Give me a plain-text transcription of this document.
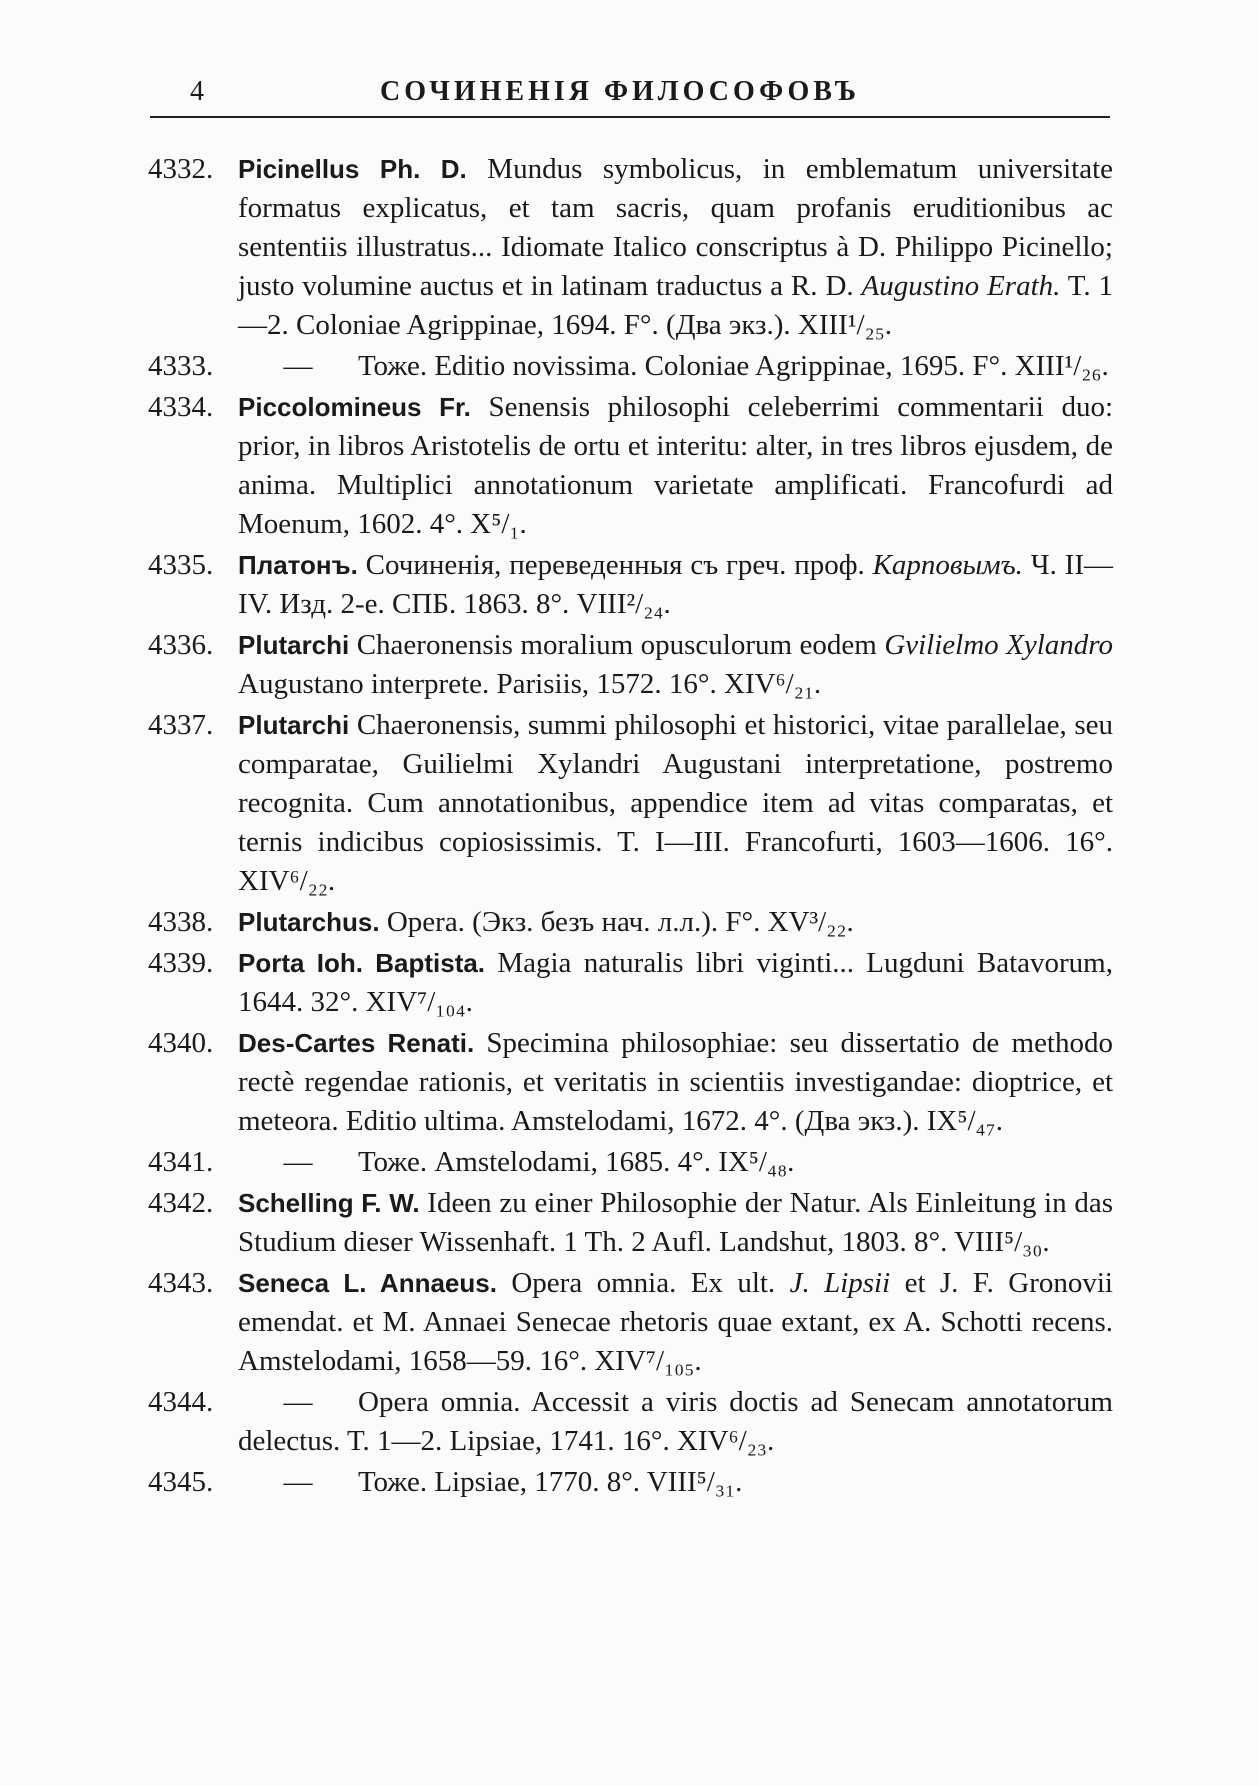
4	СОЧИНЕНІЯ ФИЛОСОФОВЪ
4332. Picinellus Ph. D. Mundus symbolicus, in emblematum universitate formatus explicatus, et tam sacris, quam profanis eruditionibus ac sententiis illustratus... Idiomate Italico conscriptus à D. Philippo Picinello; justo volumine auctus et in latinam traductus a R. D. Augustino Erath. T. 1—2. Coloniae Agrippinae, 1694. F°. (Два экз.). XIII¹/₂₅.
4333.	— Тоже. Editio novissima. Coloniae Agrippinae, 1695. F°. XIII¹/₂₆.
4334. Piccolomineus Fr. Senensis philosophi celeberrimi commentarii duo: prior, in libros Aristotelis de ortu et interitu: alter, in tres libros ejusdem, de anima. Multiplici annotationum varietate amplificati. Francofurdi ad Moenum, 1602. 4°. X⁵/₁.
4335. Платонъ. Сочиненія, переведенныя съ греч. проф. Карповымъ. Ч. II—IV. Изд. 2-е. СПБ. 1863. 8°. VIII²/₂₄.
4336. Plutarchi Chaeronensis moralium opusculorum eodem Gvilielmo Xylandro Augustano interprete. Parisiis, 1572. 16°. XIV⁶/₂₁.
4337. Plutarchi Chaeronensis, summi philosophi et historici, vitae parallelae, seu comparatae, Guilielmi Xylandri Augustani interpretatione, postremo recognita. Cum annotationibus, appendice item ad vitas comparatas, et ternis indicibus copiosissimis. T. I—III. Francofurti, 1603—1606. 16°. XIV⁶/₂₂.
4338. Plutarchus. Opera. (Экз. безъ нач. л.л.). F°. XV³/₂₂.
4339. Porta Ioh. Baptista. Magia naturalis libri viginti... Lugduni Batavorum, 1644. 32°. XIV⁷/₁₀₄.
4340. Des-Cartes Renati. Specimina philosophiae: seu dissertatio de methodo rectè regendae rationis, et veritatis in scientiis investigandae: dioptrice, et meteora. Editio ultima. Amstelodami, 1672. 4°. (Два экз.). IX⁵/₄₇.
4341.	— Тоже. Amstelodami, 1685. 4°. IX⁵/₄₈.
4342. Schelling F. W. Ideen zu einer Philosophie der Natur. Als Einleitung in das Studium dieser Wissenhaft. 1 Th. 2 Aufl. Landshut, 1803. 8°. VIII⁵/₃₀.
4343. Seneca L. Annaeus. Opera omnia. Ex ult. J. Lipsii et J. F. Gronovii emendat. et M. Annaei Senecae rhetoris quae extant, ex A. Schotti recens. Amstelodami, 1658—59. 16°. XIV⁷/₁₀₅.
4344.	— Opera omnia. Accessit a viris doctis ad Senecam annotatorum delectus. T. 1—2. Lipsiae, 1741. 16°. XIV⁶/₂₃.
4345.	— Тоже. Lipsiae, 1770. 8°. VIII⁵/₃₁.
